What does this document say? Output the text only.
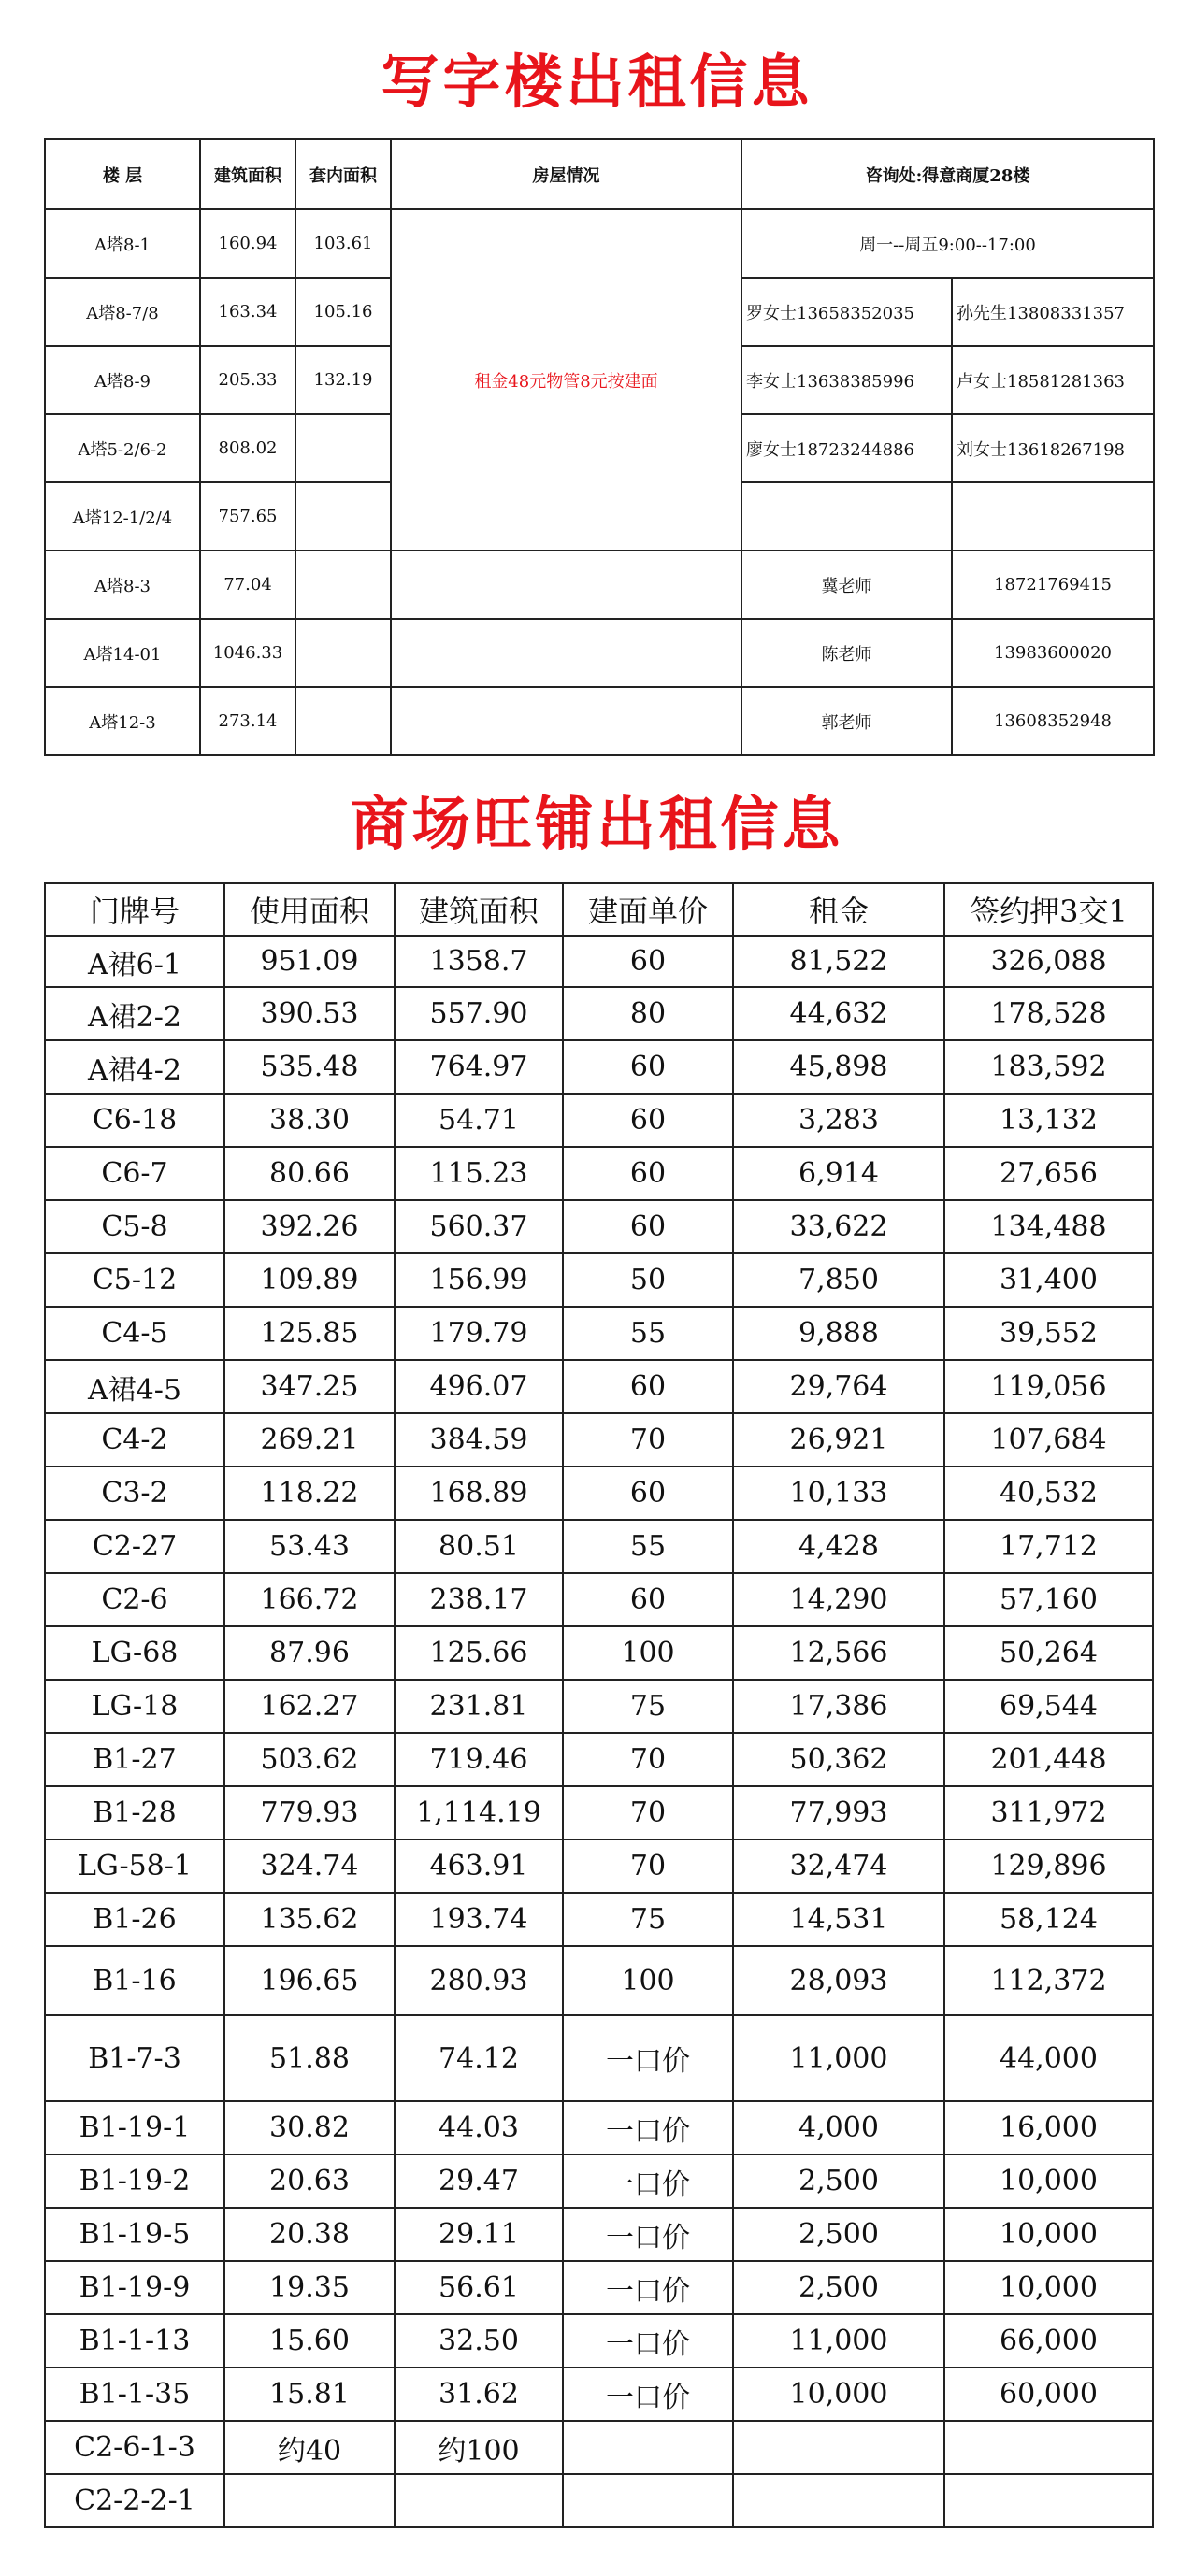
写字楼出租信息
楼 层	建筑面积	套内面积	房屋情况	咨询处:得意商厦28楼	
A塔8-1	160.94	103.61	租金48元物管8元按建面	周一--周五9:00--17:00	
A塔8-7/8	163.34	105.16		罗女士13658352035	孙先生13808331357
A塔8-9	205.33	132.19		李女士13638385996	卢女士18581281363
A塔5-2/6-2	808.02			廖女士18723244886	刘女士13618267198
A塔12-1/2/4	757.65				
A塔8-3	77.04			冀老师	18721769415
A塔14-01	1046.33			陈老师	13983600020
A塔12-3	273.14			郭老师	13608352948
商场旺铺出租信息
门牌号	使用面积	建筑面积	建面单价	租金	签约押3交1
A裙6-1	951.09	1358.7	60	81,522	326,088
A裙2-2	390.53	557.90	80	44,632	178,528
A裙4-2	535.48	764.97	60	45,898	183,592
C6-18	38.30	54.71	60	3,283	13,132
C6-7	80.66	115.23	60	6,914	27,656
C5-8	392.26	560.37	60	33,622	134,488
C5-12	109.89	156.99	50	7,850	31,400
C4-5	125.85	179.79	55	9,888	39,552
A裙4-5	347.25	496.07	60	29,764	119,056
C4-2	269.21	384.59	70	26,921	107,684
C3-2	118.22	168.89	60	10,133	40,532
C2-27	53.43	80.51	55	4,428	17,712
C2-6	166.72	238.17	60	14,290	57,160
LG-68	87.96	125.66	100	12,566	50,264
LG-18	162.27	231.81	75	17,386	69,544
B1-27	503.62	719.46	70	50,362	201,448
B1-28	779.93	1,114.19	70	77,993	311,972
LG-58-1	324.74	463.91	70	32,474	129,896
B1-26	135.62	193.74	75	14,531	58,124
B1-16	196.65	280.93	100	28,093	112,372
B1-7-3	51.88	74.12	一口价	11,000	44,000
B1-19-1	30.82	44.03	一口价	4,000	16,000
B1-19-2	20.63	29.47	一口价	2,500	10,000
B1-19-5	20.38	29.11	一口价	2,500	10,000
B1-19-9	19.35	56.61	一口价	2,500	10,000
B1-1-13	15.60	32.50	一口价	11,000	66,000
B1-1-35	15.81	31.62	一口价	10,000	60,000
C2-6-1-3	约40	约100			
C2-2-2-1					
